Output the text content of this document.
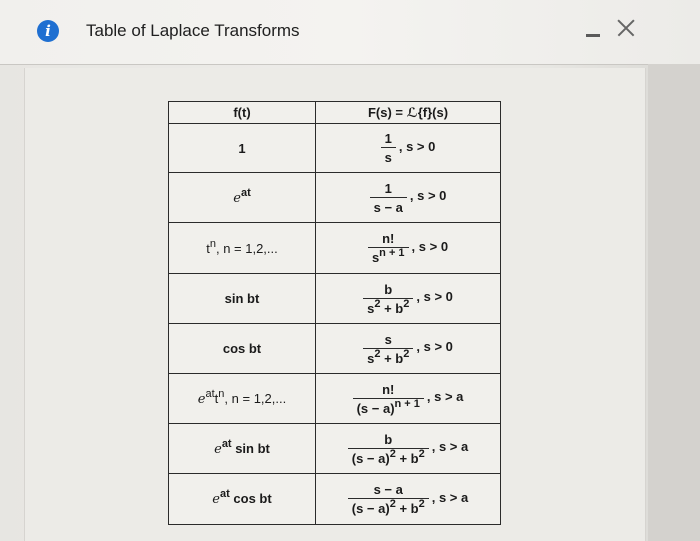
i	Table of Laplace Transforms
f(t)	F(s) = ℒ{f}(s)
1	$\frac{1}{s}$ , s > 0
$e^{at}$	$\frac{1}{s - a}$ , s > 0
$t^n$, n = 1,2,...	$\frac{n!}{s^{n + 1}}$ , s > 0
sin bt	$\frac{b}{s^2 + b^2}$ , s > 0
cos bt	$\frac{s}{s^2 + b^2}$ , s > 0
$e^{at}t^n$, n = 1,2,...	$\frac{n!}{(s - a)^{n + 1}}$ , s > a
$e^{at}$ sin bt	$\frac{b}{(s - a)^2 + b^2}$ , s > a
$e^{at}$ cos bt	$\frac{s - a}{(s - a)^2 + b^2}$ , s > a
